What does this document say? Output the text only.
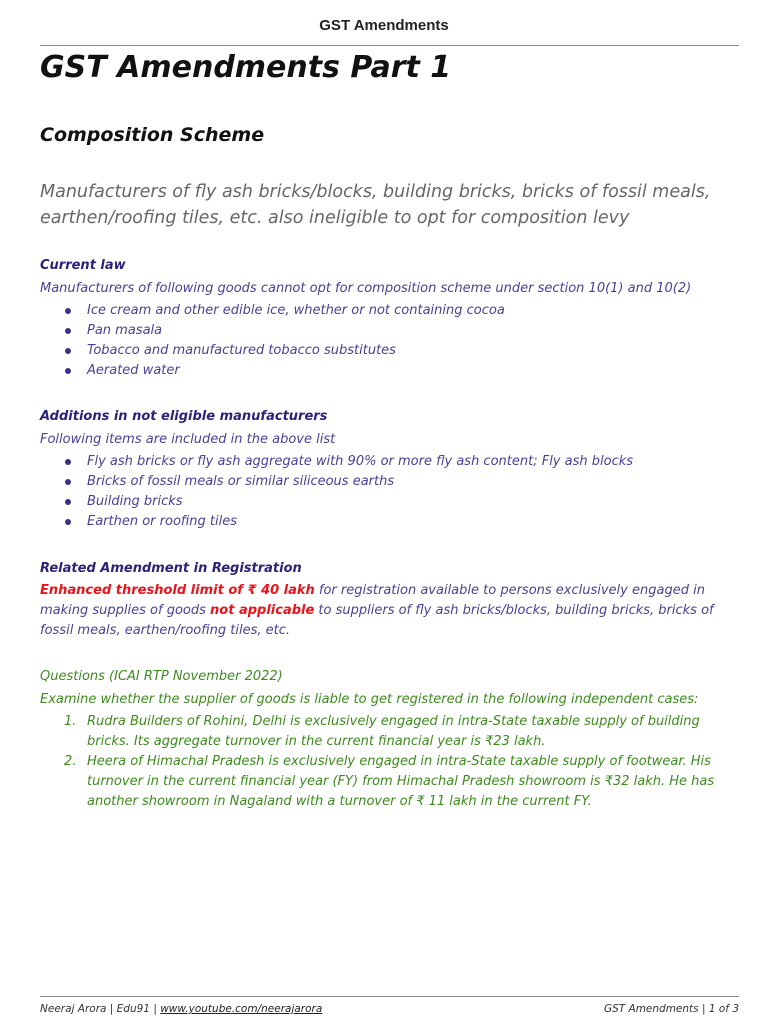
GST Amendments
GST Amendments Part 1
Composition Scheme

Manufacturers of fly ash bricks/blocks, building bricks, bricks of fossil meals, earthen/roofing tiles, etc. also ineligible to opt for composition levy

Current law

Manufacturers of following goods cannot opt for composition scheme under section 10(1) and 10(2)

Ice cream and other edible ice, whether or not containing cocoa
Pan masala
Tobacco and manufactured tobacco substitutes
Aerated water

Additions in not eligible manufacturers

Following items are included in the above list

Fly ash bricks or fly ash aggregate with 90% or more fly ash content; Fly ash blocks
Bricks of fossil meals or similar siliceous earths
Building bricks
Earthen or roofing tiles

Related Amendment in Registration

Enhanced threshold limit of ₹ 40 lakh for registration available to persons exclusively engaged in making supplies of goods not applicable to suppliers of fly ash bricks/blocks, building bricks, bricks of fossil meals, earthen/roofing tiles, etc.

Questions (ICAI RTP November 2022)

Examine whether the supplier of goods is liable to get registered in the following independent cases:

1. Rudra Builders of Rohini, Delhi is exclusively engaged in intra-State taxable supply of building bricks. Its aggregate turnover in the current financial year is ₹23 lakh.
2. Heera of Himachal Pradesh is exclusively engaged in intra-State taxable supply of footwear. His turnover in the current financial year (FY) from Himachal Pradesh showroom is ₹32 lakh. He has another showroom in Nagaland with a turnover of ₹ 11 lakh in the current FY.
Neeraj Arora | Edu91 | www.youtube.com/neerajarora	GST Amendments | 1 of 3
